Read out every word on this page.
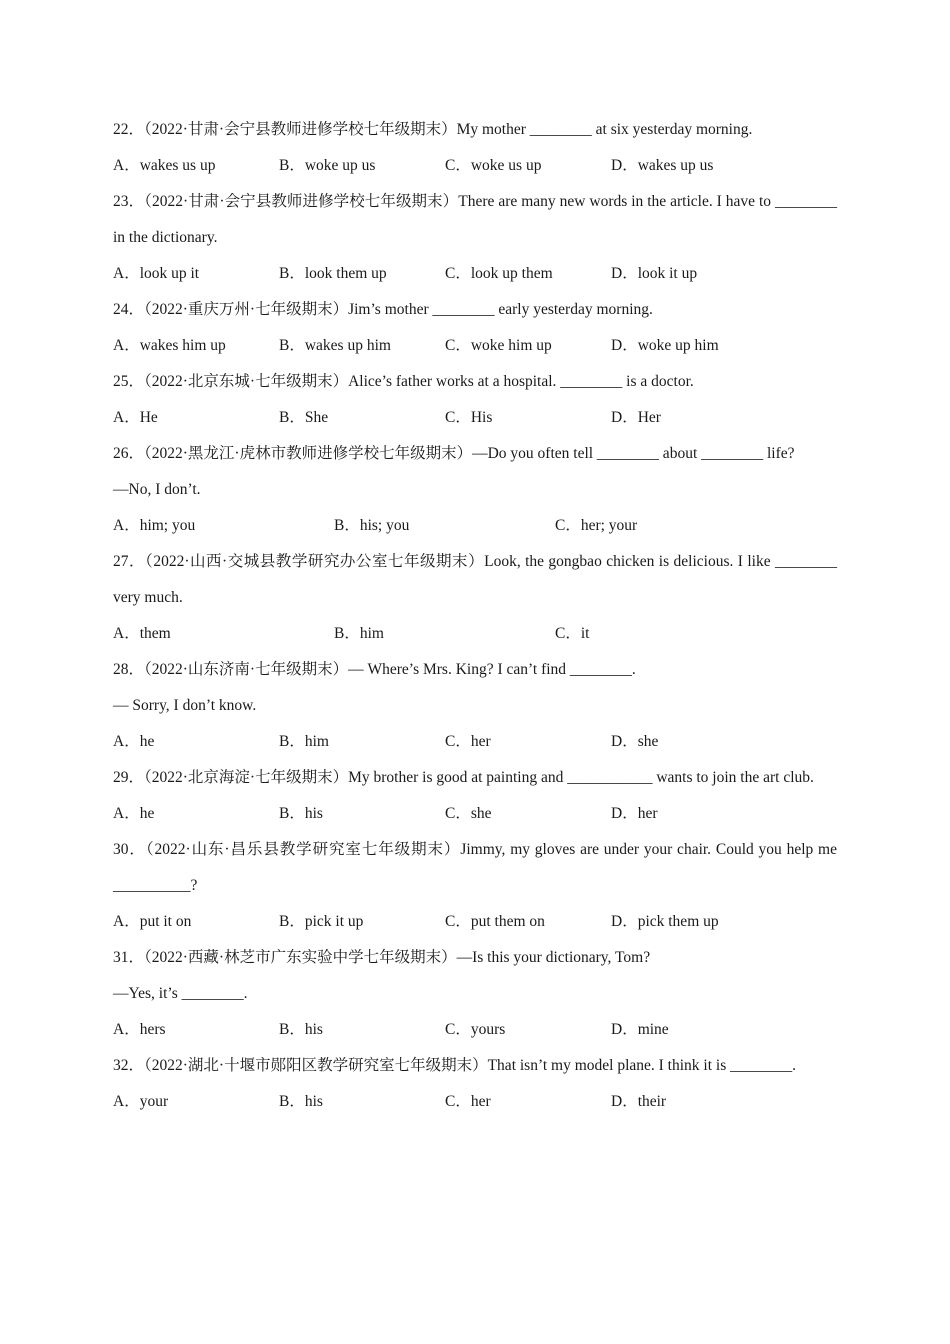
22．（2022·甘肃·会宁县教师进修学校七年级期末）My mother ________ at six yesterday morning.
A．wakes us up	B．woke up us	C．woke us up	D．wakes up us
23．（2022·甘肃·会宁县教师进修学校七年级期末）There are many new words in the article. I have to ________ in the dictionary.
A．look up it	B．look them up	C．look up them	D．look it up
24．（2022·重庆万州·七年级期末）Jim’s mother ________ early yesterday morning.
A．wakes him up	B．wakes up him	C．woke him up	D．woke up him
25．（2022·北京东城·七年级期末）Alice’s father works at a hospital. ________ is a doctor.
A．He	B．She	C．His	D．Her
26．（2022·黑龙江·虎林市教师进修学校七年级期末）—Do you often tell ________ about ________ life?
—No, I don’t.
A．him; you	B．his; you	C．her; your
27．（2022·山西·交城县教学研究办公室七年级期末）Look, the gongbao chicken is delicious. I like ________ very much.
A．them	B．him	C．it
28．（2022·山东济南·七年级期末）— Where’s Mrs. King? I can’t find ________.
— Sorry, I don’t know.
A．he	B．him	C．her	D．she
29．（2022·北京海淀·七年级期末）My brother is good at painting and ___________ wants to join the art club.
A．he	B．his	C．she	D．her
30．（2022·山东·昌乐县教学研究室七年级期末）Jimmy, my gloves are under your chair. Could you help me __________?
A．put it on	B．pick it up	C．put them on	D．pick them up
31．（2022·西藏·林芝市广东实验中学七年级期末）—Is this your dictionary, Tom?
—Yes, it’s ________.
A．hers	B．his	C．yours	D．mine
32．（2022·湖北·十堰市郧阳区教学研究室七年级期末）That isn’t my model plane. I think it is ________.
A．your	B．his	C．her	D．their
